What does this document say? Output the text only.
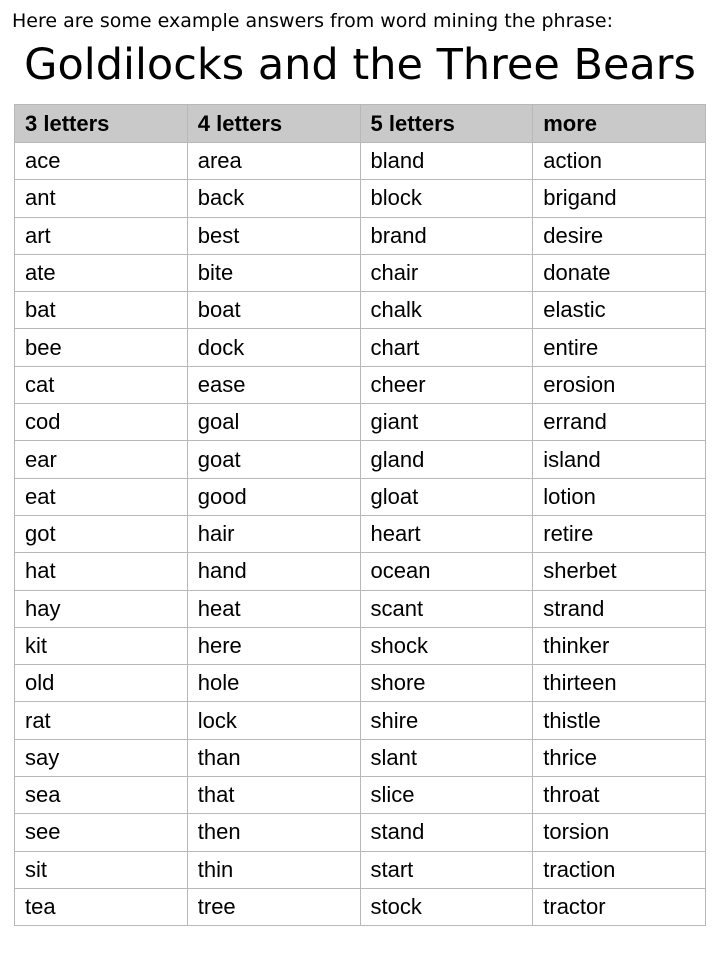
Here are some example answers from word mining the phrase:
Goldilocks and the Three Bears
3 letters	4 letters	5 letters	more
ace	area	bland	action
ant	back	block	brigand
art	best	brand	desire
ate	bite	chair	donate
bat	boat	chalk	elastic
bee	dock	chart	entire
cat	ease	cheer	erosion
cod	goal	giant	errand
ear	goat	gland	island
eat	good	gloat	lotion
got	hair	heart	retire
hat	hand	ocean	sherbet
hay	heat	scant	strand
kit	here	shock	thinker
old	hole	shore	thirteen
rat	lock	shire	thistle
say	than	slant	thrice
sea	that	slice	throat
see	then	stand	torsion
sit	thin	start	traction
tea	tree	stock	tractor
